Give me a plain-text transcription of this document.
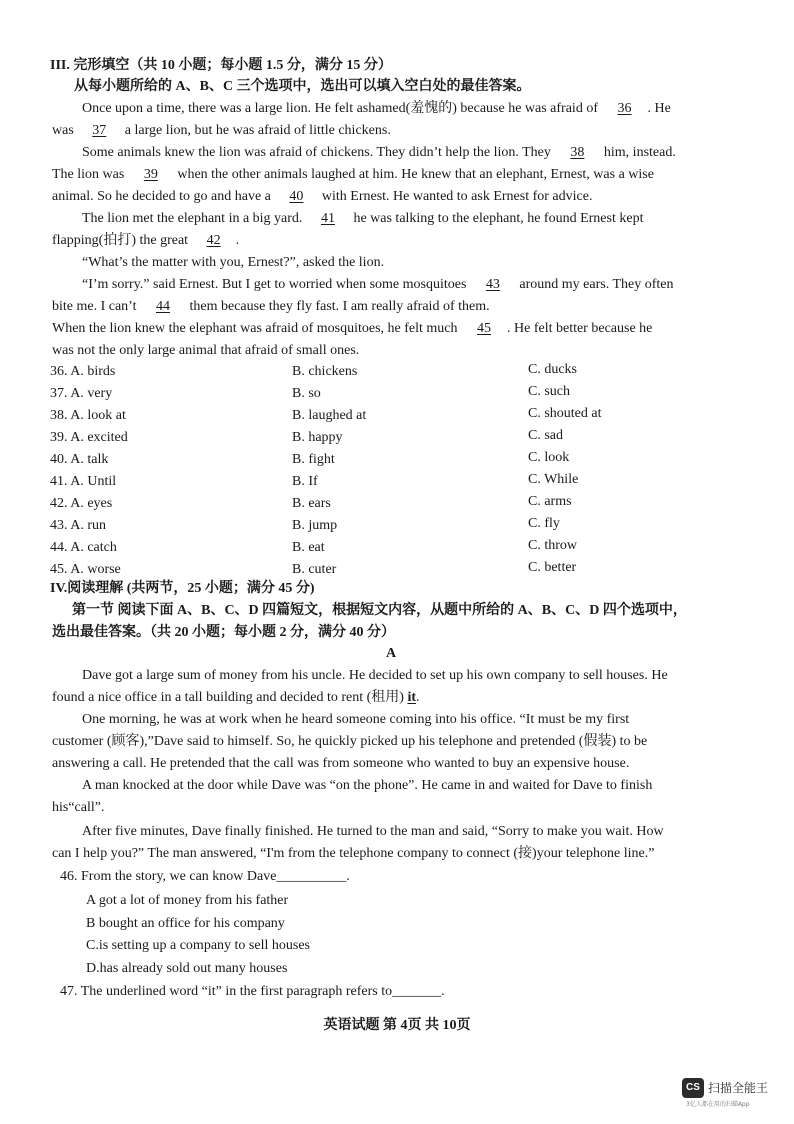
III. 完形填空（共 10 小题；每小题 1.5 分，满分 15 分）
从每小题所给的 A、B、C 三个选项中，选出可以填入空白处的最佳答案。
Once upon a time, there was a large lion. He felt ashamed(羞愧的) because he was afraid of 36 . He
was 37 a large lion, but he was afraid of little chickens.
Some animals knew the lion was afraid of chickens. They didn’t help the lion. They 38 him, instead.
The lion was 39 when the other animals laughed at him. He knew that an elephant, Ernest, was a wise
animal. So he decided to go and have a 40 with Ernest. He wanted to ask Ernest for advice.
The lion met the elephant in a big yard. 41 he was talking to the elephant, he found Ernest kept
flapping(拍打) the great 42 .
“What’s the matter with you, Ernest?”, asked the lion.
“I’m sorry.” said Ernest. But I get to worried when some mosquitoes 43 around my ears. They often
bite me. I can’t 44 them because they fly fast. I am really afraid of them.
When the lion knew the elephant was afraid of mosquitoes, he felt much 45 . He felt better because he
was not the only large animal that afraid of small ones.
36. A. birds	B. chickens	C. ducks
37. A. very	B. so	C. such
38. A. look at	B. laughed at	C. shouted at
39. A. excited	B. happy	C. sad
40. A. talk	B. fight	C. look
41. A. Until	B. If	C. While
42. A. eyes	B. ears	C. arms
43. A. run	B. jump	C. fly
44. A. catch	B. eat	C. throw
45. A. worse	B. cuter	C. better
IV.阅读理解 (共两节，25 小题；满分 45 分)
第一节 阅读下面 A、B、C、D 四篇短文，根据短文内容，从题中所给的 A、B、C、D 四个选项中，
选出最佳答案。（共 20 小题；每小题 2 分，满分 40 分）
A
Dave got a large sum of money from his uncle. He decided to set up his own company to sell houses. He
found a nice office in a tall building and decided to rent (租用) it.
One morning, he was at work when he heard someone coming into his office. “It must be my first
customer (顾客),”Dave said to himself. So, he quickly picked up his telephone and pretended (假装) to be
answering a call. He pretended that the call was from someone who wanted to buy an expensive house.
A man knocked at the door while Dave was “on the phone”. He came in and waited for Dave to finish
his“call”.
After five minutes, Dave finally finished. He turned to the man and said, “Sorry to make you wait. How
can I help you?” The man answered, “I'm from the telephone company to connect (接)your telephone line.”
46. From the story, we can know Dave__________.
A got a lot of money from his father
B bought an office for his company
C.is setting up a company to sell houses
D.has already sold out many houses
47. The underlined word “it” in the first paragraph refers to_______.
英语试题 第 4页 共 10页
CS 扫描全能王
3亿人都在用的扫描App
